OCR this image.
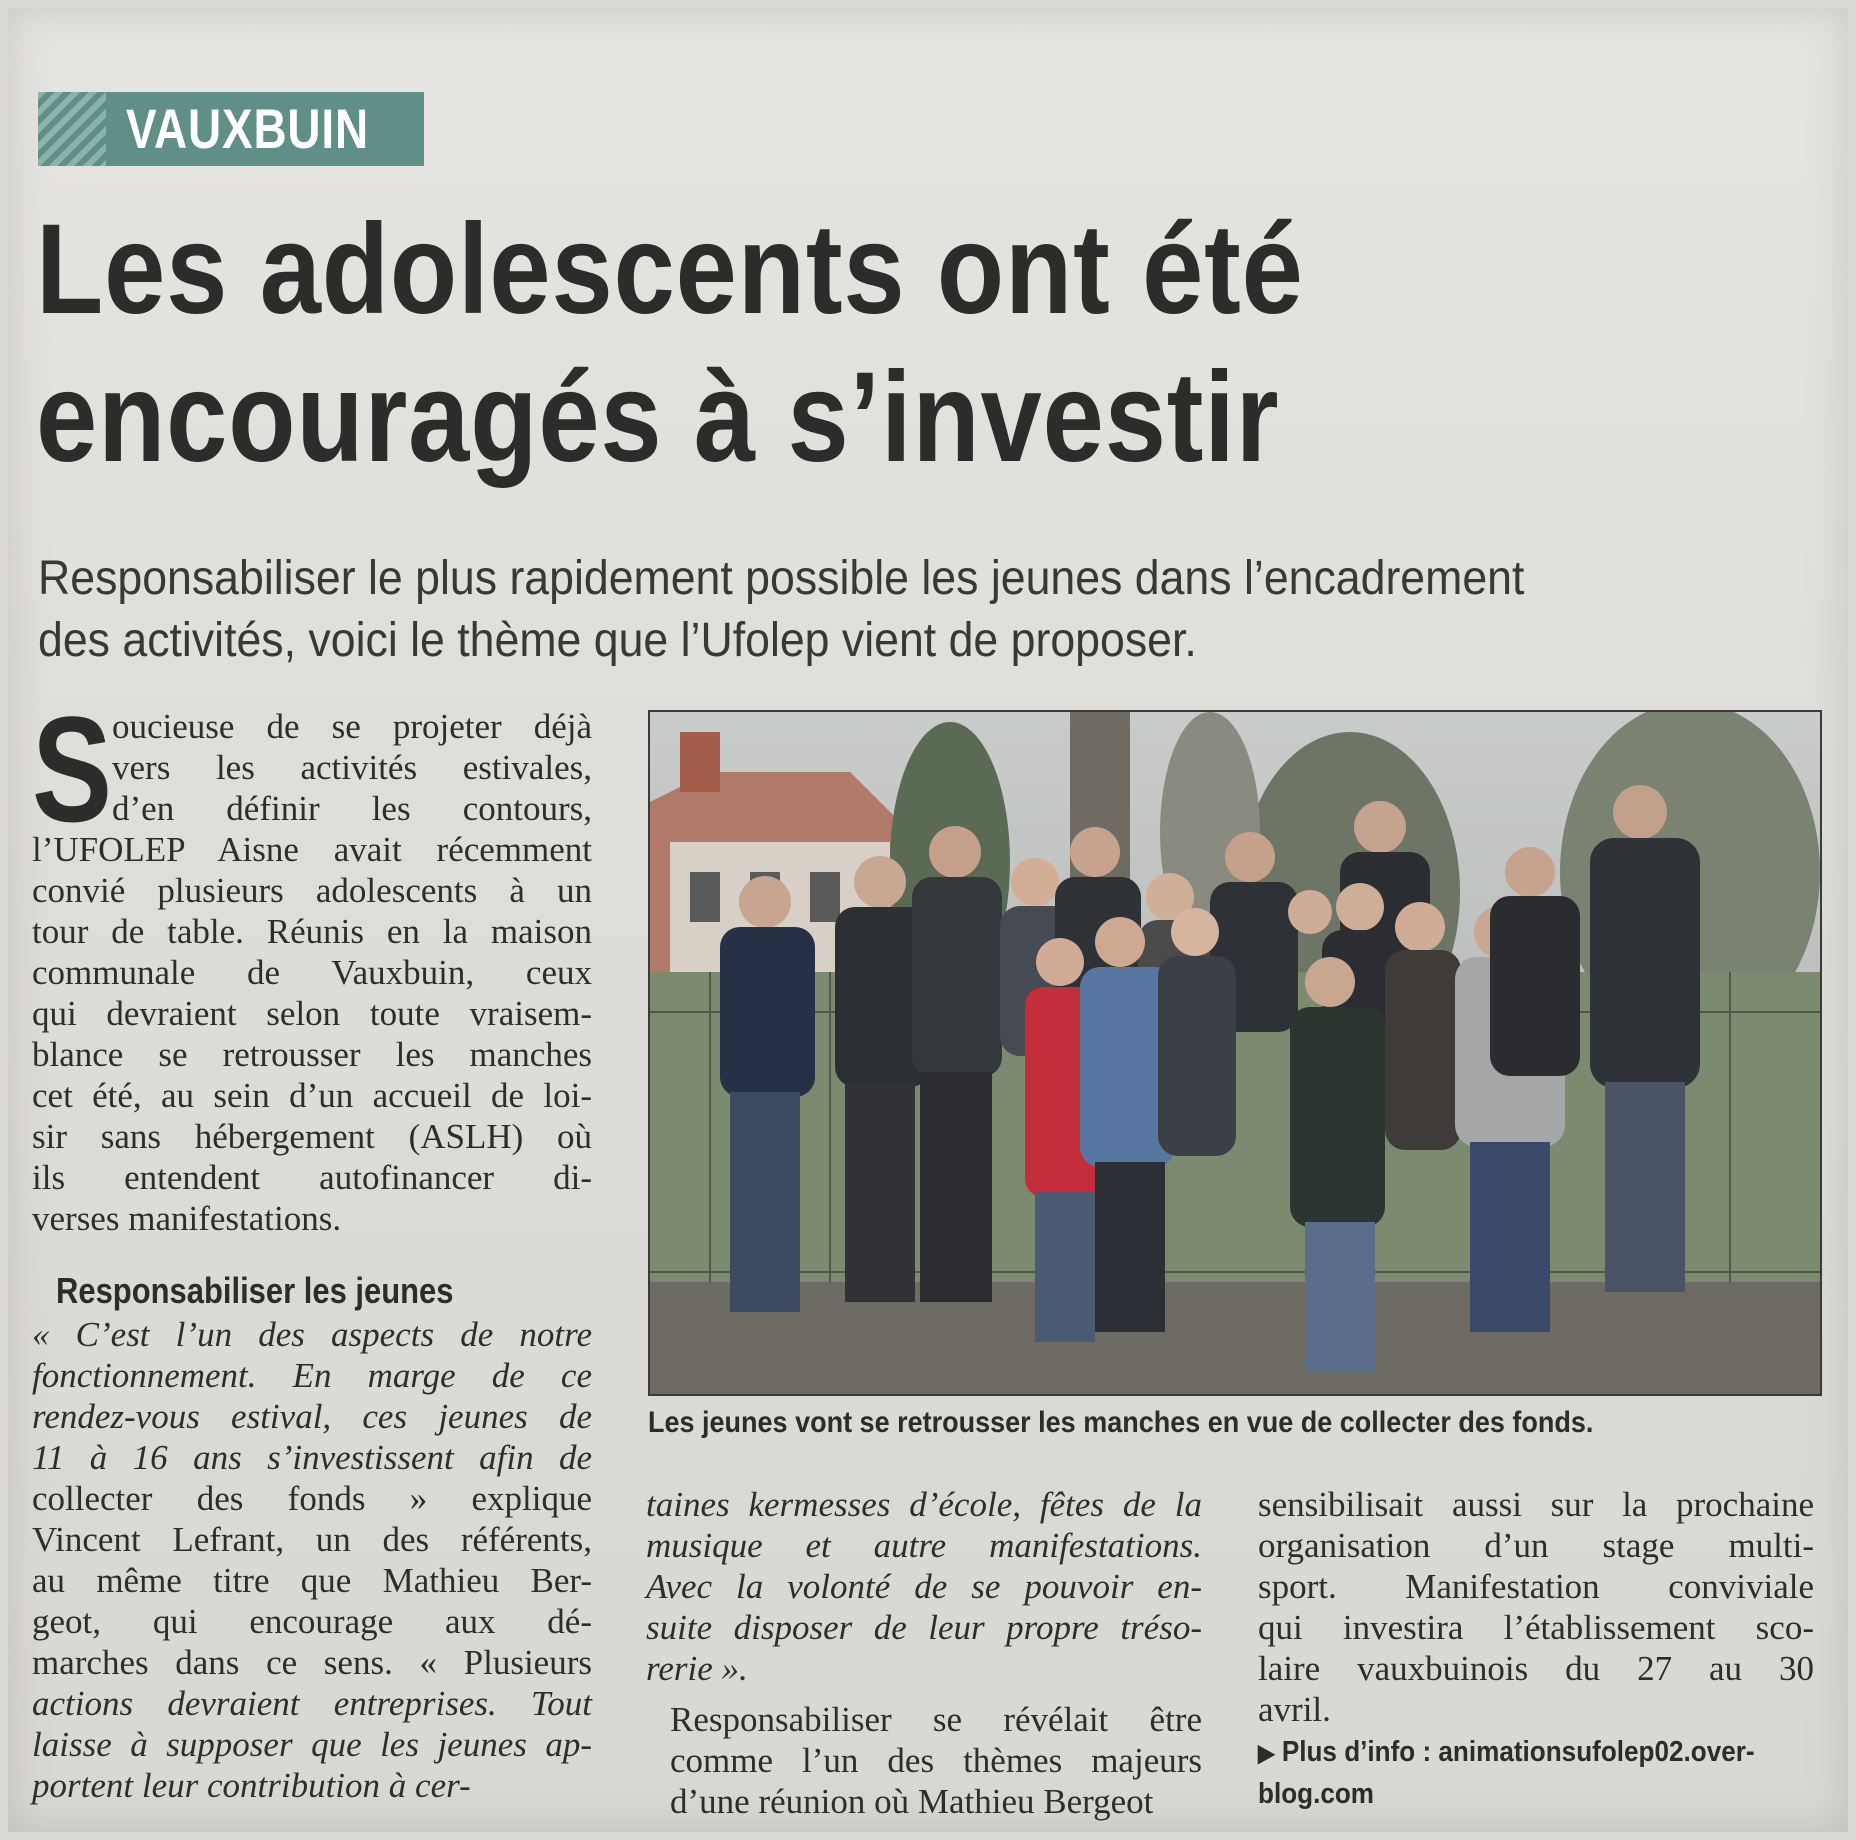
VAUXBUIN
Les adolescents ont été
encouragés à s’investir

Responsabiliser le plus rapidement possible les jeunes dans l’encadrement
des activités, voici le thème que l’Ufolep vient de proposer.

S oucieuse de se projeter déjà
vers les activités estivales,
d’en définir les contours,
l’UFOLEP Aisne avait récemment
convié plusieurs adolescents à un
tour de table. Réunis en la maison
communale de Vauxbuin, ceux
qui devraient selon toute vraisem-
blance se retrousser les manches
cet été, au sein d’un accueil de loi-
sir sans hébergement (ASLH) où
ils entendent autofinancer di-
verses manifestations.
Responsabiliser les jeunes
« C’est l’un des aspects de notre
fonctionnement. En marge de ce
rendez-vous estival, ces jeunes de
11 à 16 ans s’investissent afin de
collecter des fonds » explique
Vincent Lefrant, un des référents,
au même titre que Mathieu Ber-
geot, qui encourage aux dé-
marches dans ce sens. « Plusieurs
actions devraient entreprises. Tout
laisse à supposer que les jeunes ap-
portent leur contribution à cer-
Les jeunes vont se retrousser les manches en vue de collecter des fonds.
taines kermesses d’école, fêtes de la
musique et autre manifestations.
Avec la volonté de se pouvoir en-
suite disposer de leur propre tréso-
rerie ».
Responsabiliser se révélait être
comme l’un des thèmes majeurs
d’une réunion où Mathieu Bergeot
sensibilisait aussi sur la prochaine
organisation d’un stage multi-
sport. Manifestation conviviale
qui investira l’établissement sco-
laire vauxbuinois du 27 au 30
avril.
▶ Plus d’info : animationsufolep02.over-
blog.com
